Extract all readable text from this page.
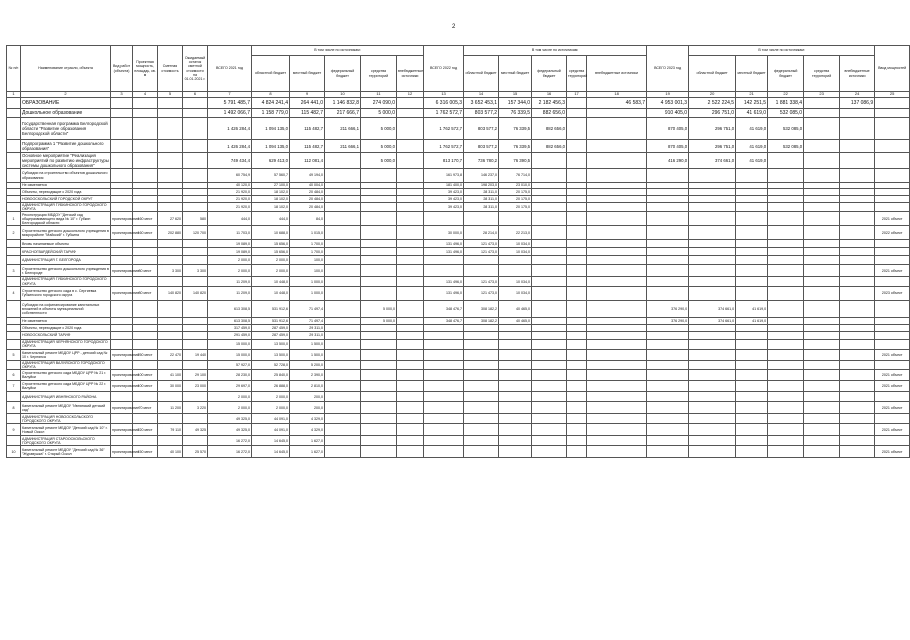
2
№ п/п	Наименование отрасли, объекта	Вид работ (объекта)	Проектная мощность, площадь, кв. м	Сметная стоимость	Ожидаемый остаток сметной стоимости на 01.01.2021 г.	ВСЕГО 2021 год	В том числе по источникам:					ВСЕГО 2022 год	В том числе по источникам:					ВСЕГО 2023 год	В том числе по источникам:					Ввод мощностей
							областной бюджет	местный бюджет	федеральный бюджет	средства территорий	внебюджетные источники		областной бюджет	местный бюджет	федеральный бюджет	средства территорий	внебюджетные источники		областной бюджет	местный бюджет	федеральный бюджет	средства территорий	внебюджетные источники	
1	2	3	4	5	6	7	8	9	10	11	12	13	14	15	16	17	18	19	20	21	22	23	24	25
	ОБРАЗОВАНИЕ					5 791 485,7	4 824 241,4	264 441,0	1 146 832,8	274 090,0		6 316 005,3	3 652 453,1	157 344,0	2 182 456,3		46 583,7	4 953 001,3	2 522 224,5	142 251,5	1 881 338,4		137 086,9	
	Дошкольное образование					1 492 066,7	1 158 779,0	115 482,7	217 666,7	5 000,0		1 762 572,7	803 577,2	76 339,5	882 656,0			910 405,0	296 751,0	41 619,0	532 085,0			
	Государственная программа Белгородской области "Развитие образования Белгородской области"					1 426 284,4	1 094 135,0	115 482,7	211 666,1	5 000,0		1 762 572,7	803 577,2	76 339,5	882 656,0			870 405,0	296 751,0	41 619,0	532 085,0			
	Подпрограмма 1 "Развитие дошкольного образования"					1 426 284,4	1 094 135,0	115 482,7	211 666,1	5 000,0		1 762 572,7	803 577,2	76 339,5	882 656,0			870 405,0	296 751,0	41 619,0	532 085,0			
	Основное мероприятие "Реализация мероприятий по развитию инфраструктуры системы дошкольного образования"					749 434,4	629 413,0	112 081,4		5 000,0		813 170,7	736 780,2	76 390,5				416 290,0	374 661,0	41 619,0				
	Субсидии на строительство объектов дошкольного образования					60 754,9	57 560,7	49 194,0				161 973,8	146 237,0	76 714,0										
	Не изменяется					40 120,0	27 100,0	40 004,0				181 400,0	198 203,0	23 010,0										
	Объекты, переходящие с 2020 года					21 920,0	18 102,0	20 484,0				39 423,0	28 311,0	20 175,0										
	НОВООСКОЛЬСКИЙ ГОРОДСКОЙ ОКРУГ					21 920,0	18 102,0	20 484,0				39 423,0	28 311,0	20 175,0										
	АДМИНИСТРАЦИЯ ГУБКИНСКОГО ГОРОДСКОГО ОКРУГА					21 920,0	18 102,0	20 484,0				39 423,0	28 311,0	20 175,0										
1	Реконструкция МБДОУ "Детский сад общеразвивающего вида № 10" г. Губкин Белгородской области	проектирование	160 мест	27 620	580	444,0	444,0	84,0																2021 объект
2	Строительство детского дошкольного учреждения в микрорайоне "Майский" г. Губкина	проектирование	160 мест	202 880	120 700	11 703,0	10 688,0	1 015,0				30 000,0	28 214,0	22 213,0										2022 объект
	Вновь начинаемые объекты					19 089,0	15 656,0	1 700,0				131 496,0	121 473,0	10 034,0										
	КРАСНОГВАРДЕЙСКИЙ ТАРИФ					19 089,0	15 656,0	1 700,0				131 496,0	121 473,0	10 034,0										
	АДМИНИСТРАЦИЯ Г. БЕЛГОРОДА					2 000,0	2 000,0	100,0																
3	Строительство детского дошкольного учреждения в г. Белгороде	проектирование	80 мест	3 300	3 300	2 000,0	2 000,0	100,0																2021 объект
	АДМИНИСТРАЦИЯ ГУБКИНСКОГО ГОРОДСКОГО ОКРУГА					11 209,0	10 448,0	1 000,0				131 496,0	121 473,0	10 034,0										
4	Строительство детского сада в с. Сергиевка Губкинского городского округа	проектирование	80 мест	140 820	140 820	11 209,0	10 448,0	1 000,0				131 496,0	121 473,0	10 034,0										2023 объект
	Субсидии на софинансирование капитальных вложений в объекты муниципальной собственности					613 308,5	531 912,6	71 497,4		5 000,0		348 476,7	308 182,2	40 465,0				376 290,0	374 661,0	41 619,0				
	Не изменяется					613 308,5	531 912,6	71 497,4		5 000,0		348 476,7	308 182,2	40 465,0				376 290,0	374 661,0	41 619,0				
	Объекты, переходящие с 2020 года					317 459,0	287 459,0	29 311,0																
	НОВООСКОЛЬСКИЙ ТАРИФ					291 459,0	287 459,0	29 311,0																
	АДМИНИСТРАЦИЯ ЧЕРНЯНСКОГО ГОРОДСКОГО ОКРУГА					15 000,0	13 500,0	1 500,0																
5	Капитальный ремонт МБДОУ ЦРР - детский сад № 10 г. Чернянка	проектирование	250 мест	22 470	19 440	15 000,0	13 500,0	1 500,0																2021 объект
	АДМИНИСТРАЦИЯ ВАЛУЙСКОГО ГОРОДСКОГО ОКРУГА					57 927,0	52 728,0	5 200,0																
6	Строительство детского сада МБДОУ ЦРР № 21 г. Валуйки	проектирование	100 мест	41 100	29 100	28 230,0	25 840,0	2 390,0																2021 объект
7	Строительство детского сада МБДОУ ЦРР № 22 г. Валуйки	проектирование	100 мест	30 000	23 000	29 697,0	26 888,0	2 810,0																2021 объект
	АДМИНИСТРАЦИЯ ИВНЯНСКОГО РАЙОНА					2 000,0	2 000,0	200,0																
8	Капитальный ремонт МБДОУ "Ивнянский детский сад"	проектирование	70 мест	11 200	3 220	2 000,0	2 000,0	200,0																2021 объект
	АДМИНИСТРАЦИЯ НОВООСКОЛЬСКОГО ГОРОДСКОГО ОКРУГА					49 325,0	44 091,0	4 329,0																
9	Капитальный ремонт МБДОУ "Детский сад № 10" г. Новый Оскол	проектирование	220 мест	79 110	49 325	49 325,0	44 091,0	4 329,0																2021 объект
	АДМИНИСТРАЦИЯ СТАРООСКОЛЬСКОГО ГОРОДСКОГО ОКРУГА					16 272,0	14 645,0	1 627,0																
10	Капитальный ремонт МБДОУ "Детский сад № 36" "Журавушка" г. Старый Оскол	проектирование	150 мест	40 100	25 570	16 272,0	14 645,0	1 627,0																2021 объект
